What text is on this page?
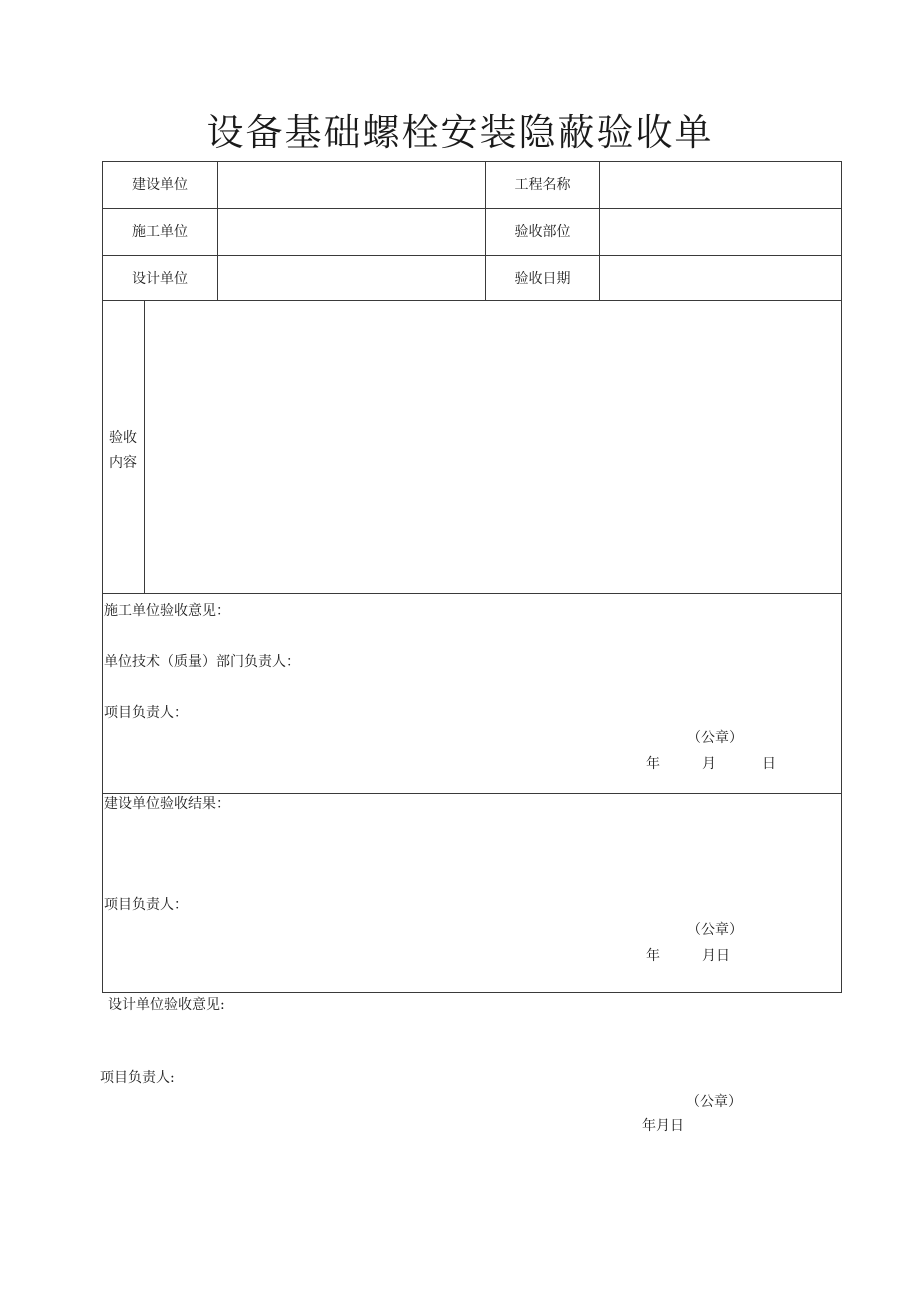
设备基础螺栓安装隐蔽验收单
建设单位	工程名称
施工单位	验收部位
设计单位	验收日期
验收
内容
施工单位验收意见：
单位技术（质量）部门负责人：
项目负责人：
（公章）
年	月	日
建设单位验收结果：
项目负责人：
（公章）
年	月日
设计单位验收意见:
项目负责人:
（公章）
年月日
